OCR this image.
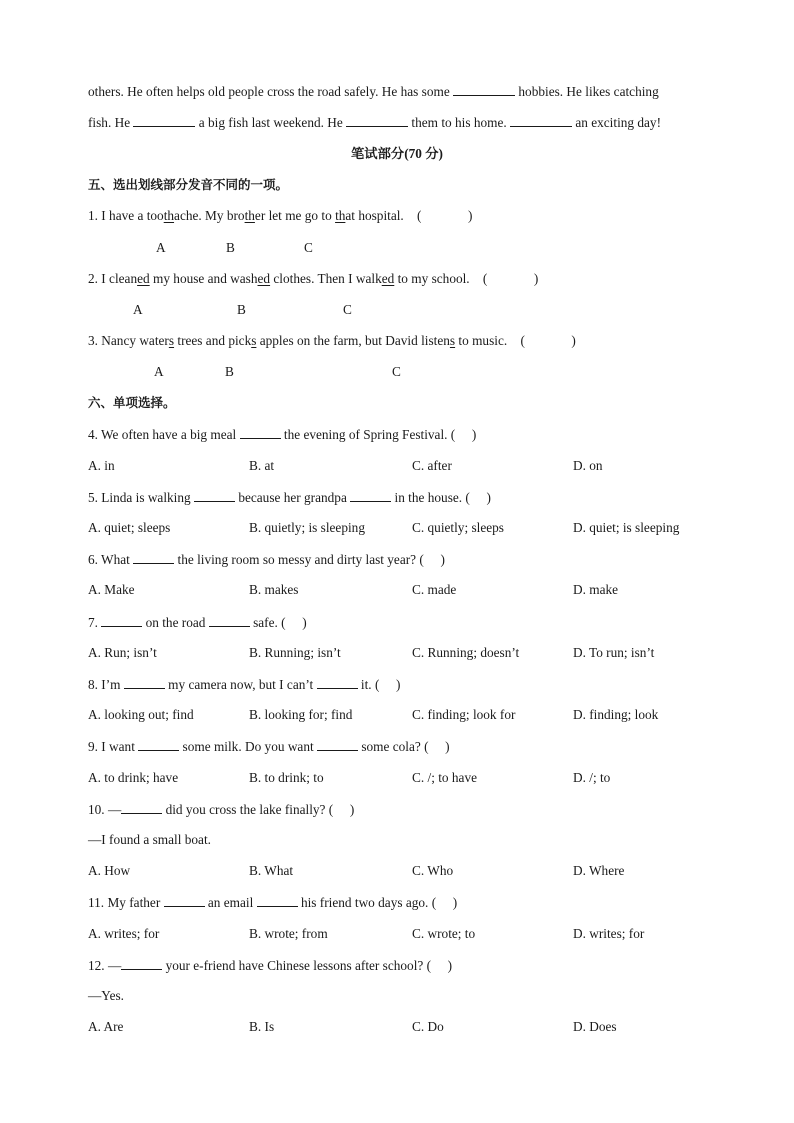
others. He often helps old people cross the road safely. He has some	hobbies. He likes catching
fish. He	a big fish last weekend. He	them to his home.	an exciting day!
笔试部分(70 分)
五、选出划线部分发音不同的一项。
1. I have a toothache. My brother let me go to that hospital.    (              )
A	B	C
2. I cleaned my house and washed clothes. Then I walked to my school.    (              )
A	B	C
3. Nancy waters trees and picks apples on the farm, but David listens to music.    (              )
A	B	C
六、单项选择。
4. We often have a big meal	the evening of Spring Festival. (     )
A. in	B. at	C. after	D. on
5. Linda is walking	because her grandpa	in the house. (     )
A. quiet; sleeps	B. quietly; is sleeping	C. quietly; sleeps	D. quiet; is sleeping
6. What	the living room so messy and dirty last year? (     )
A. Make	B. makes	C. made	D. make
7.	on the road	safe. (     )
A. Run; isn’t	B. Running; isn’t	C. Running; doesn’t	D. To run; isn’t
8. I’m	my camera now, but I can’t	it. (     )
A. looking out; find	B. looking for; find	C. finding; look for	D. finding; look
9. I want	some milk. Do you want	some cola? (     )
A. to drink; have	B. to drink; to	C. /; to have	D. /; to
10. —	did you cross the lake finally? (     )
—I found a small boat.
A. How	B. What	C. Who	D. Where
11. My father	an email	his friend two days ago. (     )
A. writes; for	B. wrote; from	C. wrote; to	D. writes; for
12. —	your e-friend have Chinese lessons after school? (     )
—Yes.
A. Are	B. Is	C. Do	D. Does
